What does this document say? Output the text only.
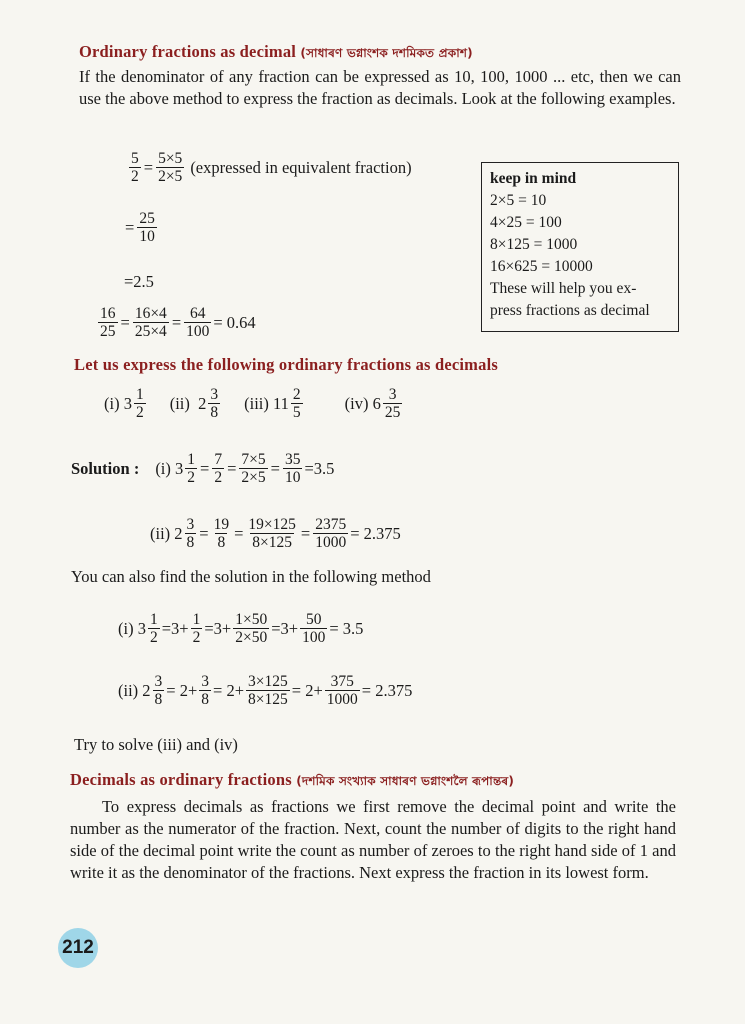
Ordinary fractions as decimal (সাধাৰণ ভগ্নাংশক দশমিকত প্ৰকাশ)
If the denominator of any fraction can be expressed as 10, 100, 1000 ... etc, then we can use the above method to express the fraction as decimals. Look at the following examples.
$\frac{5}{2} = \frac{5\times 5}{2\times 5}$ (expressed in equivalent fraction)
= $\frac{25}{10}$
=2.5
$\frac{16}{25} = \frac{16\times 4}{25\times 4} = \frac{64}{100} = 0.64$
keep in mind
2×5 = 10
4×25 = 100
8×125 = 1000
16×625 = 10000
These will help you ex-
press fractions as decimal
Let us express the following ordinary fractions as decimals
(i)
$3 \frac{1}{2} (ii)$
$2 \frac{3}{8} (iii)$
$11 \frac{2}{5}$	(iv)
$6 \frac{3}{25}$
Solution : (i)
$3 \frac{1}{2} = \frac{7}{2} = \frac{7\times 5}{2\times 5} = \frac{35}{10} =3.5$
(ii)
$2 \frac{3}{8} = \frac{19}{8} = \frac{19\times 125}{8\times 125} = \frac{2375}{1000} = 2.375$
You can also find the solution in the following method
(i)
$3 \frac{1}{2} =3+ \frac{1}{2} =3+ \frac{1\times 50}{2\times 50} =3+ \frac{50}{100} = 3.5$
(ii)
$2 \frac{3}{8} = 2+ \frac{3}{8} = 2+ \frac{3\times 125}{8\times 125} = 2+ \frac{375}{1000} = 2.375$
Try to solve (iii) and (iv)
Decimals as ordinary fractions (দশমিক সংখ্যাক সাধাৰণ ভগ্নাংশলৈ ৰূপান্তৰ)
To express decimals as fractions we first remove the decimal point and write the number as the numerator of the fraction. Next, count the number of digits to the right hand side of the decimal point write the count as number of zeroes to the right hand side of 1 and write it as the denominator of the fractions. Next express the fraction in its lowest form.
212
